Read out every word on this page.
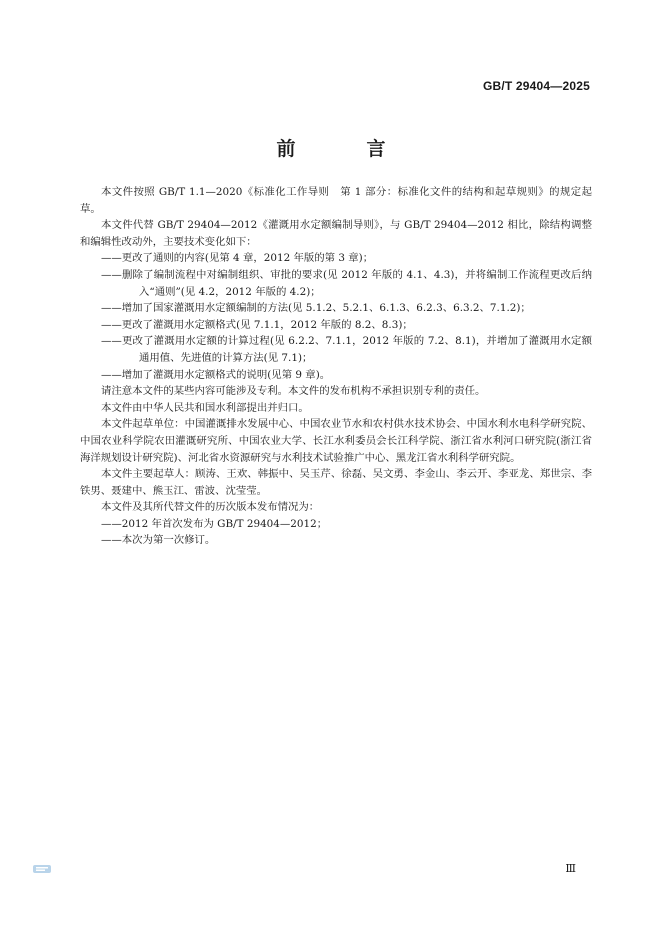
GB/T 29404—2025
前　言

本文件按照 GB/T 1.1—2020《标准化工作导则　第 1 部分：标准化文件的结构和起草规则》的规定起草。

本文件代替 GB/T 29404—2012《灌溉用水定额编制导则》，与 GB/T 29404—2012 相比，除结构调整和编辑性改动外，主要技术变化如下：

——更改了通则的内容(见第 4 章，2012 年版的第 3 章)；

——删除了编制流程中对编制组织、审批的要求(见 2012 年版的 4.1、4.3)，并将编制工作流程更改后纳入“通则”(见 4.2，2012 年版的 4.2)；

——增加了国家灌溉用水定额编制的方法(见 5.1.2、5.2.1、6.1.3、6.2.3、6.3.2、7.1.2)；

——更改了灌溉用水定额格式(见 7.1.1，2012 年版的 8.2、8.3)；

——更改了灌溉用水定额的计算过程(见 6.2.2、7.1.1，2012 年版的 7.2、8.1)，并增加了灌溉用水定额通用值、先进值的计算方法(见 7.1)；

——增加了灌溉用水定额格式的说明(见第 9 章)。

请注意本文件的某些内容可能涉及专利。本文件的发布机构不承担识别专利的责任。

本文件由中华人民共和国水利部提出并归口。

本文件起草单位：中国灌溉排水发展中心、中国农业节水和农村供水技术协会、中国水利水电科学研究院、中国农业科学院农田灌溉研究所、中国农业大学、长江水利委员会长江科学院、浙江省水利河口研究院(浙江省海洋规划设计研究院)、河北省水资源研究与水利技术试验推广中心、黑龙江省水利科学研究院。

本文件主要起草人：顾涛、王欢、韩振中、吴玉芹、徐磊、吴文勇、李金山、李云开、李亚龙、郑世宗、李铁男、聂建中、熊玉江、雷波、沈莹莹。

本文件及其所代替文件的历次版本发布情况为：

——2012 年首次发布为 GB/T 29404—2012；

——本次为第一次修订。

Ⅲ
